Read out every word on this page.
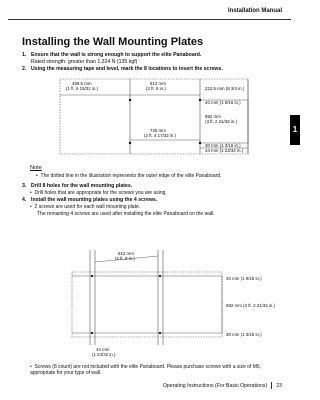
Installation Manual
1
Installing the Wall Mounting Plates
1. Ensure that the wall is strong enough to support the elite Panaboard.
Rated strength: greater than 1,324 N (135 kgf)
2. Using the measuring tape and level, mark the 8 locations to insert the screws.
469.5 mm
(1 ft. 6 15/32 in.)
813 mm
(2 ft. 8 in.)	222.5 mm (8 3/4 in.)
40 mm (1 9/16 in.)
982 mm
(3 ft. 2 21/32 in.)
725 mm
(2 ft. 4 17/32 in.)
30 mm (1 3/16 in.)
44 mm (1 23/32 in.)
813 mm
(2 ft. 8 in.)
40 mm (1 9/16 in.)
982 mm (3 ft. 2 21/32 in.)
30 mm (1 3/16 in.)
44 mm
(1 23/32 in.)
Note
•  The dotted line in the illustration represents the outer edge of the elite Panaboard.
3. Drill 8 holes for the wall mounting plates.
•  Drill holes that are appropriate for the screws you are using.
4. Install the wall mounting plates using the 4 screws.
•  2 screws are used for each wall mounting plate.
The remaining 4 screws are used after installing the elite Panaboard on the wall.
•  Screws (8 count) are not included with the elite Panaboard. Please purchase screws with a size of M6, appropriate for your type of wall.
Operating Instructions (For Basic Operations) 23
